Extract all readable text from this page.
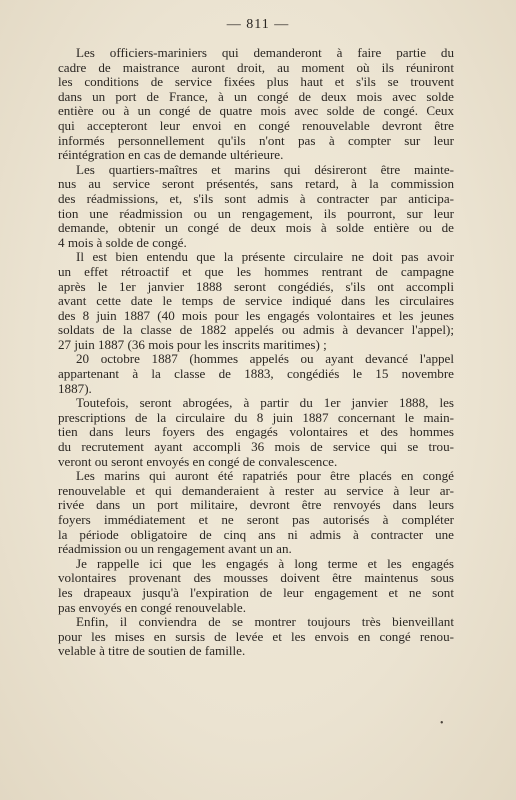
— 811 —
Les officiers-mariniers qui demanderont à faire partie du
cadre de maistrance auront droit, au moment où ils réuniront
les conditions de service fixées plus haut et s'ils se trouvent
dans un port de France, à un congé de deux mois avec solde
entière ou à un congé de quatre mois avec solde de congé. Ceux
qui accepteront leur envoi en congé renouvelable devront être
informés personnellement qu'ils n'ont pas à compter sur leur
réintégration en cas de demande ultérieure.
Les quartiers-maîtres et marins qui désireront être mainte-
nus au service seront présentés, sans retard, à la commission
des réadmissions, et, s'ils sont admis à contracter par anticipa-
tion une réadmission ou un rengagement, ils pourront, sur leur
demande, obtenir un congé de deux mois à solde entière ou de
4 mois à solde de congé.
Il est bien entendu que la présente circulaire ne doit pas avoir
un effet rétroactif et que les hommes rentrant de campagne
après le 1er janvier 1888 seront congédiés, s'ils ont accompli
avant cette date le temps de service indiqué dans les circulaires
des 8 juin 1887 (40 mois pour les engagés volontaires et les jeunes
soldats de la classe de 1882 appelés ou admis à devancer l'appel);
27 juin 1887 (36 mois pour les inscrits maritimes) ;
20 octobre 1887 (hommes appelés ou ayant devancé l'appel
appartenant à la classe de 1883, congédiés le 15 novembre
1887).
Toutefois, seront abrogées, à partir du 1er janvier 1888, les
prescriptions de la circulaire du 8 juin 1887 concernant le main-
tien dans leurs foyers des engagés volontaires et des hommes
du recrutement ayant accompli 36 mois de service qui se trou-
veront ou seront envoyés en congé de convalescence.
Les marins qui auront été rapatriés pour être placés en congé
renouvelable et qui demanderaient à rester au service à leur ar-
rivée dans un port militaire, devront être renvoyés dans leurs
foyers immédiatement et ne seront pas autorisés à compléter
la période obligatoire de cinq ans ni admis à contracter une
réadmission ou un rengagement avant un an.
Je rappelle ici que les engagés à long terme et les engagés
volontaires provenant des mousses doivent être maintenus sous
les drapeaux jusqu'à l'expiration de leur engagement et ne sont
pas envoyés en congé renouvelable.
Enfin, il conviendra de se montrer toujours très bienveillant
pour les mises en sursis de levée et les envois en congé renou-
velable à titre de soutien de famille.
•
